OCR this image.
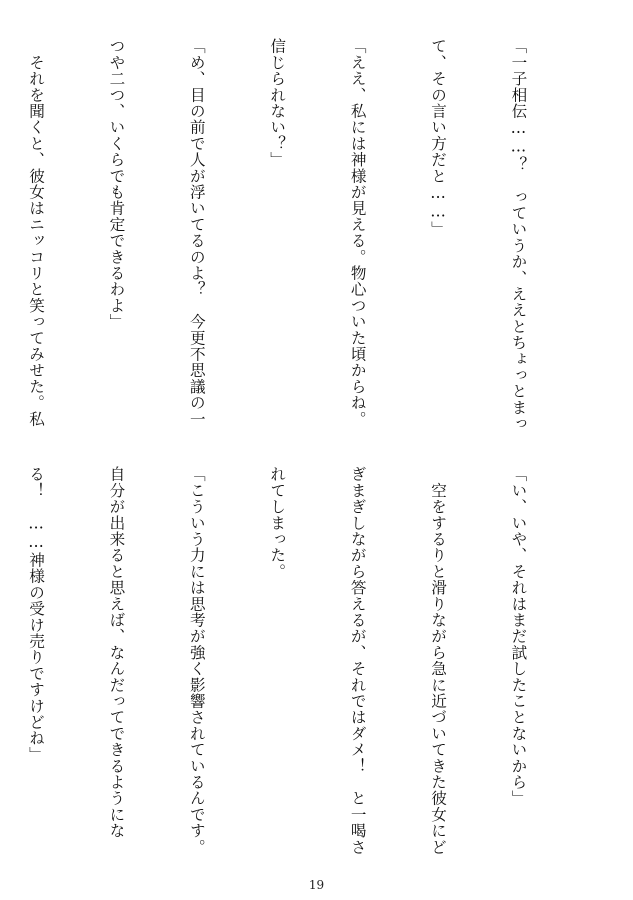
「一子相伝……？　っていうか、ええとちょっとまっ

て、その言い方だと……」

「ええ、私には神様が見える。物心ついた頃からね。

信じられない？」

「め、目の前で人が浮いてるのよ？　今更不思議の一

つや二つ、いくらでも肯定できるわよ」

　それを聞くと、彼女はニッコリと笑ってみせた。私

「い、いや、それはまだ試したことないから」

　空をするりと滑りながら急に近づいてきた彼女にど

ぎまぎしながら答えるが、それではダメ！　と一喝さ

れてしまった。

「こういう力には思考が強く影響されているんです。

自分が出来ると思えば、なんだってできるようにな

る！　……神様の受け売りですけどね」

19
